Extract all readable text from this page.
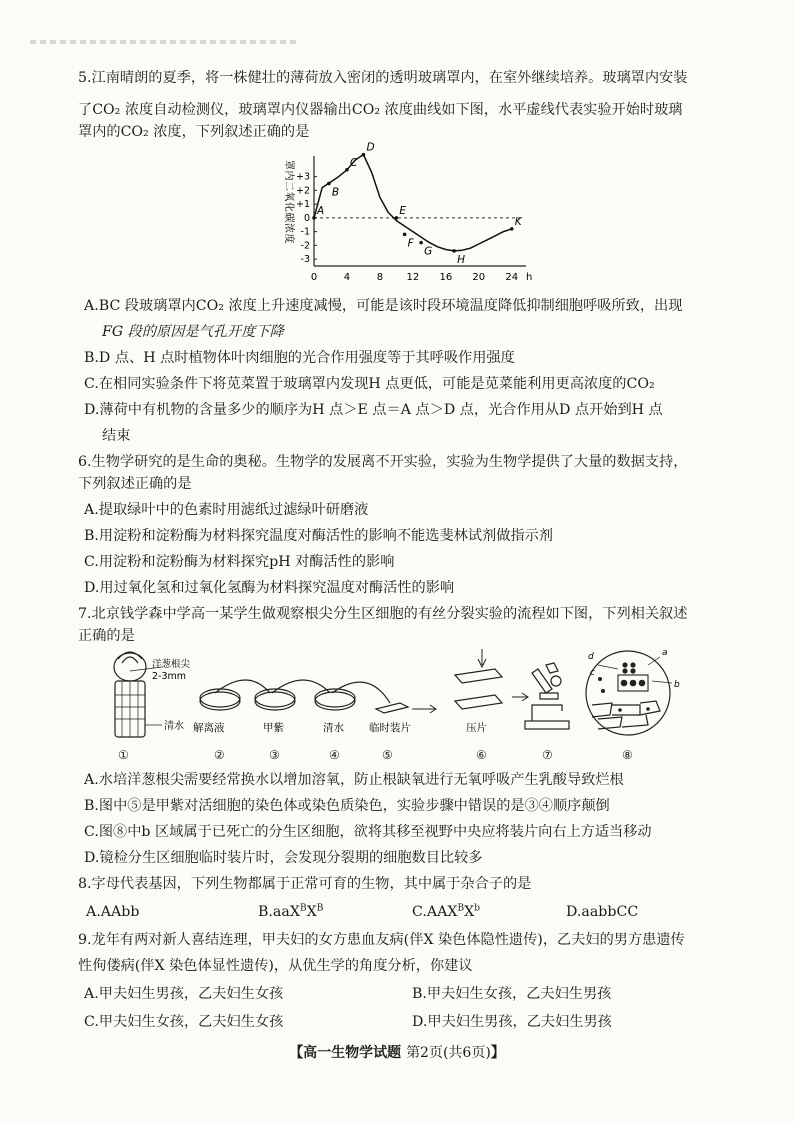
5.江南晴朗的夏季，将一株健壮的薄荷放入密闭的透明玻璃罩内，在室外继续培养。玻璃罩内安装
了CO₂ 浓度自动检测仪，玻璃罩内仪器输出CO₂ 浓度曲线如下图，水平虚线代表实验开始时玻璃
罩内的CO₂ 浓度，下列叙述正确的是
+3
+2
+1
0
-1
-2
-3
0	4	8 12 16 20 24 h
罩内二氧化碳浓度 A
B
C
D
E
F
G
H
K
A.BC 段玻璃罩内CO₂ 浓度上升速度减慢，可能是该时段环境温度降低抑制细胞呼吸所致，出现
FG 段的原因是气孔开度下降
B.D 点、H 点时植物体叶肉细胞的光合作用强度等于其呼吸作用强度
C.在相同实验条件下将苋菜置于玻璃罩内发现H 点更低，可能是苋菜能利用更高浓度的CO₂
D.薄荷中有机物的含量多少的顺序为H 点＞E 点＝A 点＞D 点，光合作用从D 点开始到H 点
结束
6.生物学研究的是生命的奥秘。生物学的发展离不开实验，实验为生物学提供了大量的数据支持，
下列叙述正确的是
A.提取绿叶中的色素时用滤纸过滤绿叶研磨液
B.用淀粉和淀粉酶为材料探究温度对酶活性的影响不能选斐林试剂做指示剂
C.用淀粉和淀粉酶为材料探究pH 对酶活性的影响
D.用过氧化氢和过氧化氢酶为材料探究温度对酶活性的影响
7.北京钱学森中学高一某学生做观察根尖分生区细胞的有丝分裂实验的流程如下图，下列相关叙述
正确的是
洋葱根尖
2-3mm
清水
d
c
a
b
解离液	甲紫	清水 临时装片	压片
①	②	③	④	⑤	⑥	⑦	⑧
A.水培洋葱根尖需要经常换水以增加溶氧，防止根缺氧进行无氧呼吸产生乳酸导致烂根
B.图中⑤是甲紫对活细胞的染色体或染色质染色，实验步骤中错误的是③④顺序颠倒
C.图⑧中b 区域属于已死亡的分生区细胞，欲将其移至视野中央应将装片向右上方适当移动
D.镜检分生区细胞临时装片时，会发现分裂期的细胞数目比较多
8.字母代表基因，下列生物都属于正常可育的生物，其中属于杂合子的是
A.AAbb	$B.aaX^BX^B$	$C.AAX^BX^b$	D.aabbCC
9.龙年有两对新人喜结连理，甲夫妇的女方患血友病(伴X 染色体隐性遗传)，乙夫妇的男方患遗传
性佝偻病(伴X 染色体显性遗传)，从优生学的角度分析，你建议
A.甲夫妇生男孩，乙夫妇生女孩	B.甲夫妇生女孩，乙夫妇生男孩
C.甲夫妇生女孩，乙夫妇生女孩	D.甲夫妇生男孩，乙夫妇生男孩
【高一生物学试题 第2页(共6页)】
